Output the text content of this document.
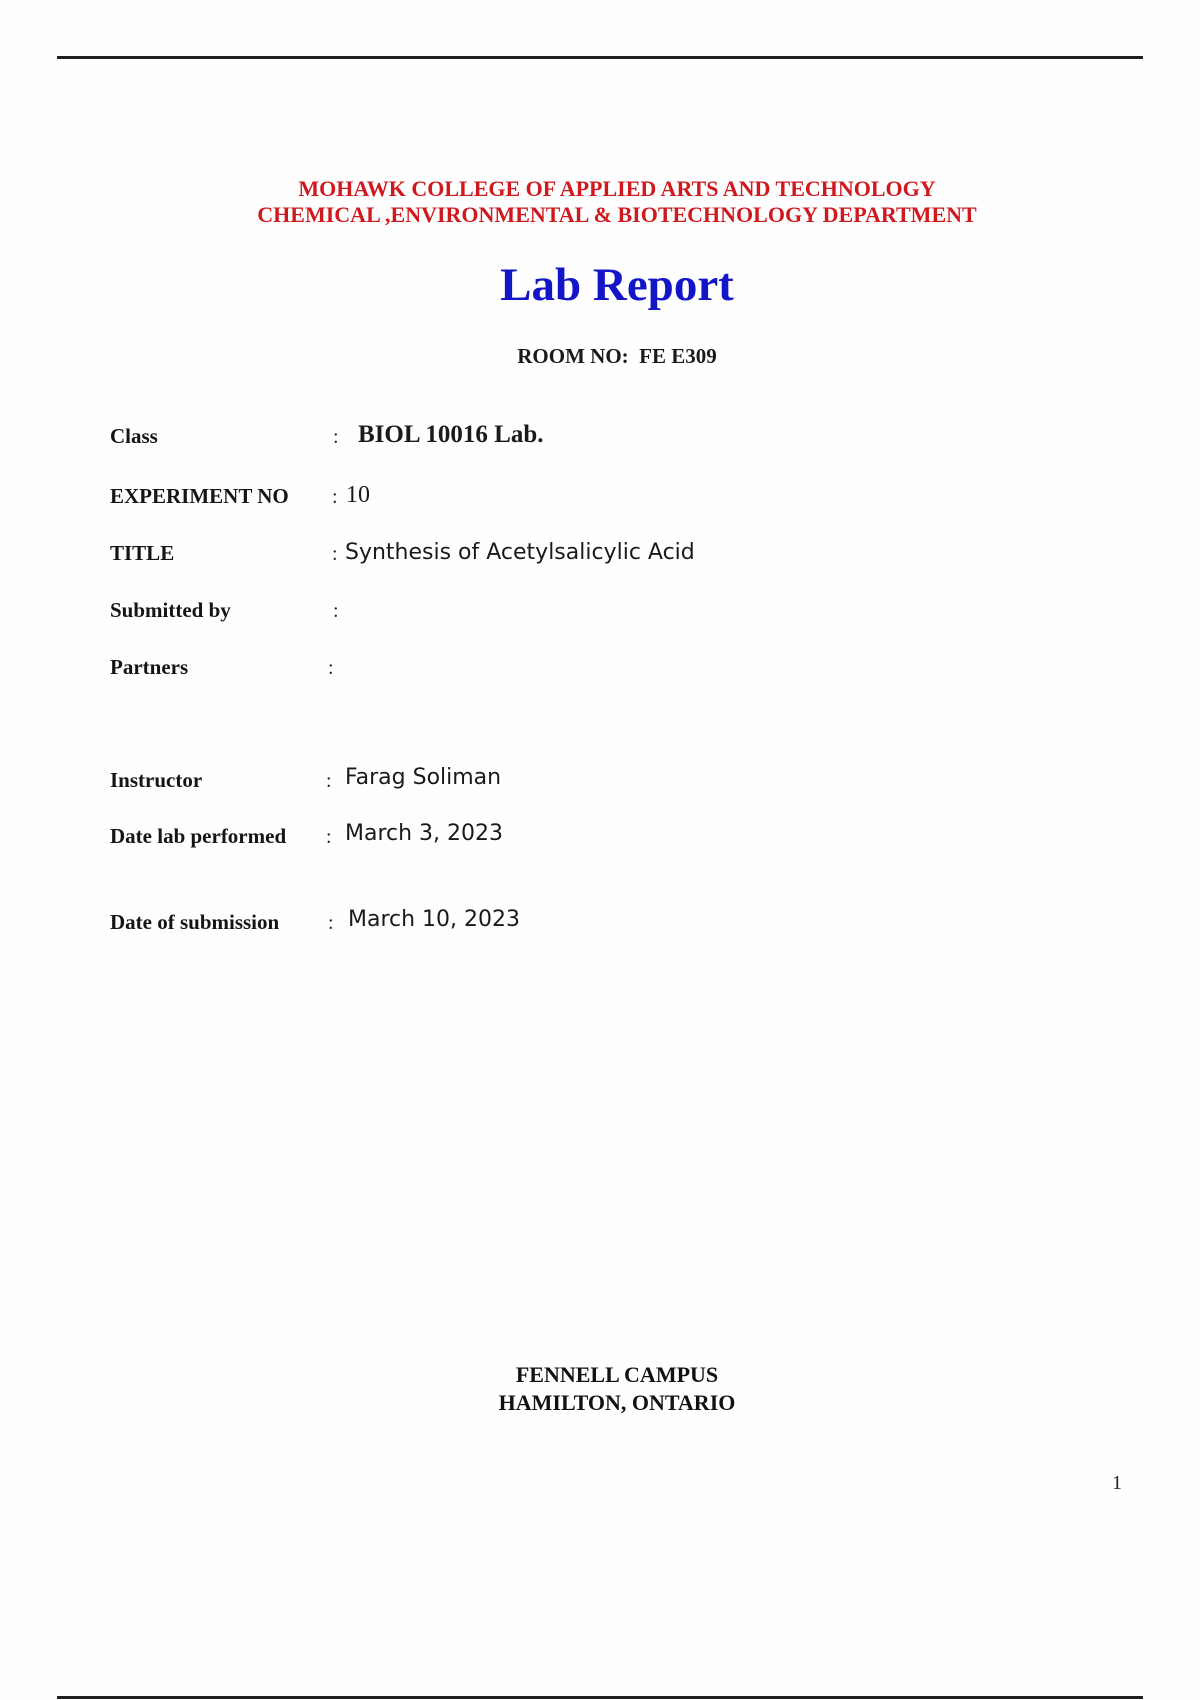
MOHAWK COLLEGE OF APPLIED ARTS AND TECHNOLOGY
CHEMICAL ,ENVIRONMENTAL & BIOTECHNOLOGY DEPARTMENT
Lab Report
ROOM NO:  FE E309
Class	: BIOL 10016 Lab.
EXPERIMENT NO : 10
TITLE	: Synthesis of Acetylsalicylic Acid
Submitted by	:
Partners	:
Instructor	: Farag Soliman
Date lab performed : March 3, 2023
Date of submission : March 10, 2023
FENNELL CAMPUS
HAMILTON, ONTARIO
1
